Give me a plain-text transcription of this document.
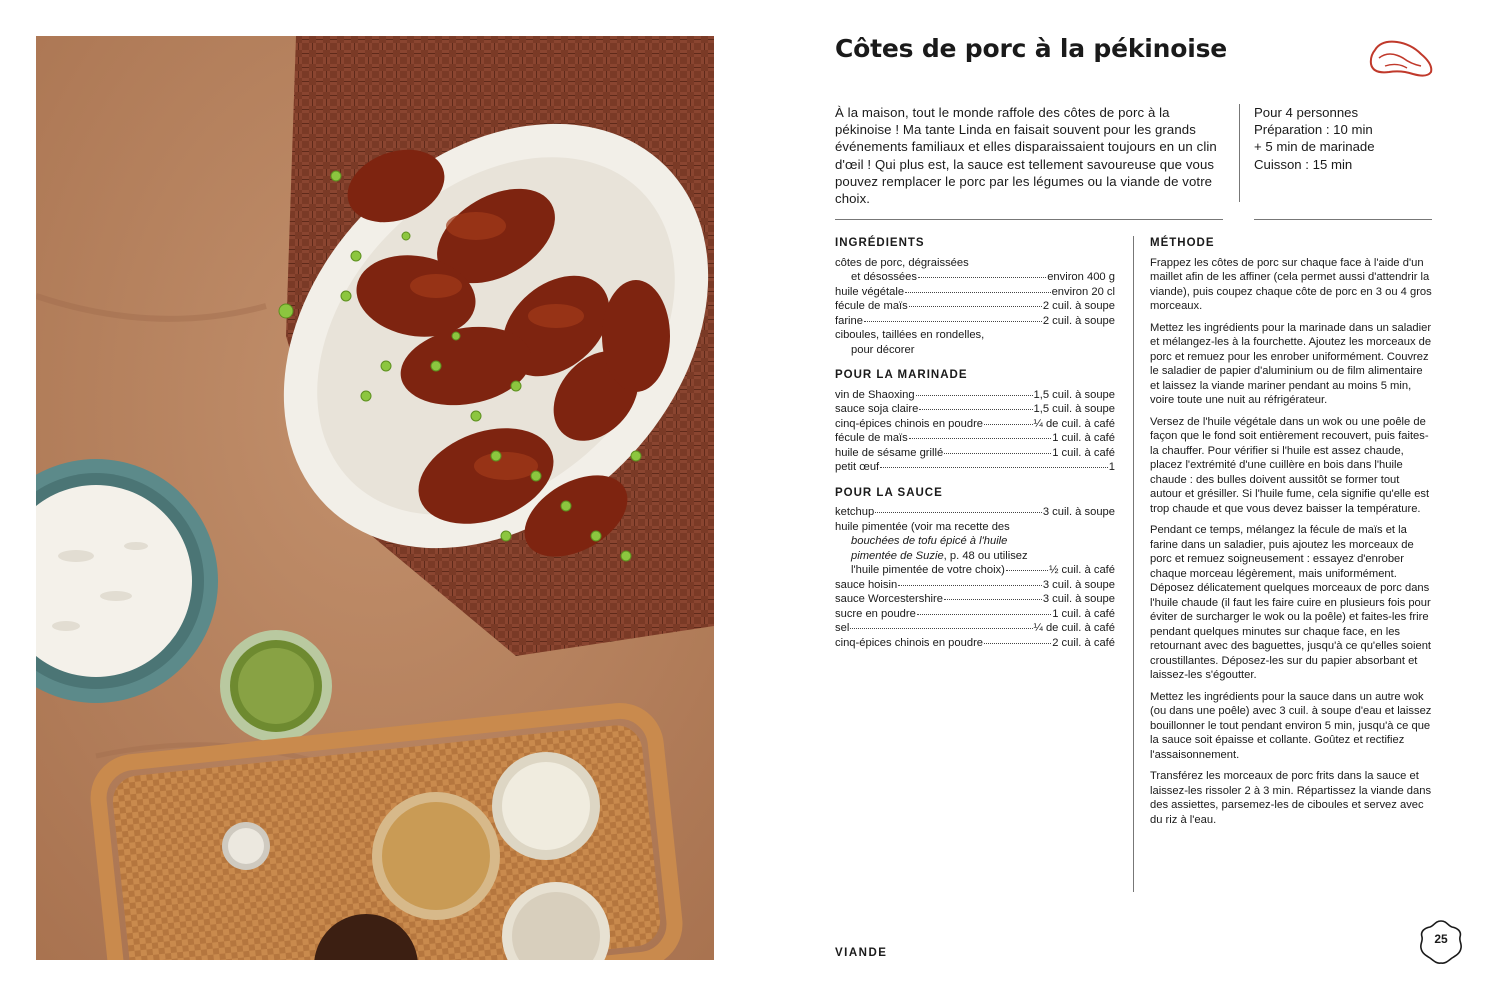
Côtes de porc à la pékinoise
À la maison, tout le monde raffole des côtes de porc à la pékinoise ! Ma tante Linda en faisait souvent pour les grands événements familiaux et elles disparaissaient toujours en un clin d'œil ! Qui plus est, la sauce est tellement savoureuse que vous pouvez remplacer le porc par les légumes ou la viande de votre choix.
Pour 4 personnes
Préparation : 10 min
+ 5 min de marinade
Cuisson : 15 min
INGRÉDIENTS
côtes de porc, dégraissées
et désossées	environ 400 g
huile végétale	environ 20 cl
fécule de maïs	2 cuil. à soupe
farine	2 cuil. à soupe
ciboules, taillées en rondelles,
pour décorer
POUR LA MARINADE
vin de Shaoxing	1,5 cuil. à soupe
sauce soja claire	1,5 cuil. à soupe
cinq-épices chinois en poudre	¼ de cuil. à café
fécule de maïs	1 cuil. à café
huile de sésame grillé	1 cuil. à café
petit œuf	1
POUR LA SAUCE
ketchup	3 cuil. à soupe
huile pimentée (voir ma recette des
bouchées de tofu épicé à l'huile
pimentée de Suzie, p. 48 ou utilisez
l'huile pimentée de votre choix)	½ cuil. à café
sauce hoisin	3 cuil. à soupe
sauce Worcestershire	3 cuil. à soupe
sucre en poudre	1 cuil. à café
sel	¼ de cuil. à café
cinq-épices chinois en poudre	2 cuil. à café
MÉTHODE

Frappez les côtes de porc sur chaque face à l'aide d'un maillet afin de les affiner (cela permet aussi d'attendrir la viande), puis coupez chaque côte de porc en 3 ou 4 gros morceaux.

Mettez les ingrédients pour la marinade dans un saladier et mélangez-les à la fourchette. Ajoutez les morceaux de porc et remuez pour les enrober uniformément. Couvrez le saladier de papier d'aluminium ou de film alimentaire et laissez la viande mariner pendant au moins 5 min, voire toute une nuit au réfrigérateur.

Versez de l'huile végétale dans un wok ou une poêle de façon que le fond soit entièrement recouvert, puis faites-la chauffer. Pour vérifier si l'huile est assez chaude, placez l'extrémité d'une cuillère en bois dans l'huile chaude : des bulles doivent aussitôt se former tout autour et grésiller. Si l'huile fume, cela signifie qu'elle est trop chaude et que vous devez baisser la température.

Pendant ce temps, mélangez la fécule de maïs et la farine dans un saladier, puis ajoutez les morceaux de porc et remuez soigneusement : essayez d'enrober chaque morceau légèrement, mais uniformément. Déposez délicatement quelques morceaux de porc dans l'huile chaude (il faut les faire cuire en plusieurs fois pour éviter de surcharger le wok ou la poêle) et faites-les frire pendant quelques minutes sur chaque face, en les retournant avec des baguettes, jusqu'à ce qu'elles soient croustillantes. Déposez-les sur du papier absorbant et laissez-les s'égoutter.

Mettez les ingrédients pour la sauce dans un autre wok (ou dans une poêle) avec 3 cuil. à soupe d'eau et laissez bouillonner le tout pendant environ 5 min, jusqu'à ce que la sauce soit épaisse et collante. Goûtez et rectifiez l'assaisonnement.

Transférez les morceaux de porc frits dans la sauce et laissez-les rissoler 2 à 3 min. Répartissez la viande dans des assiettes, parsemez-les de ciboules et servez avec du riz à l'eau.

VIANDE
25
